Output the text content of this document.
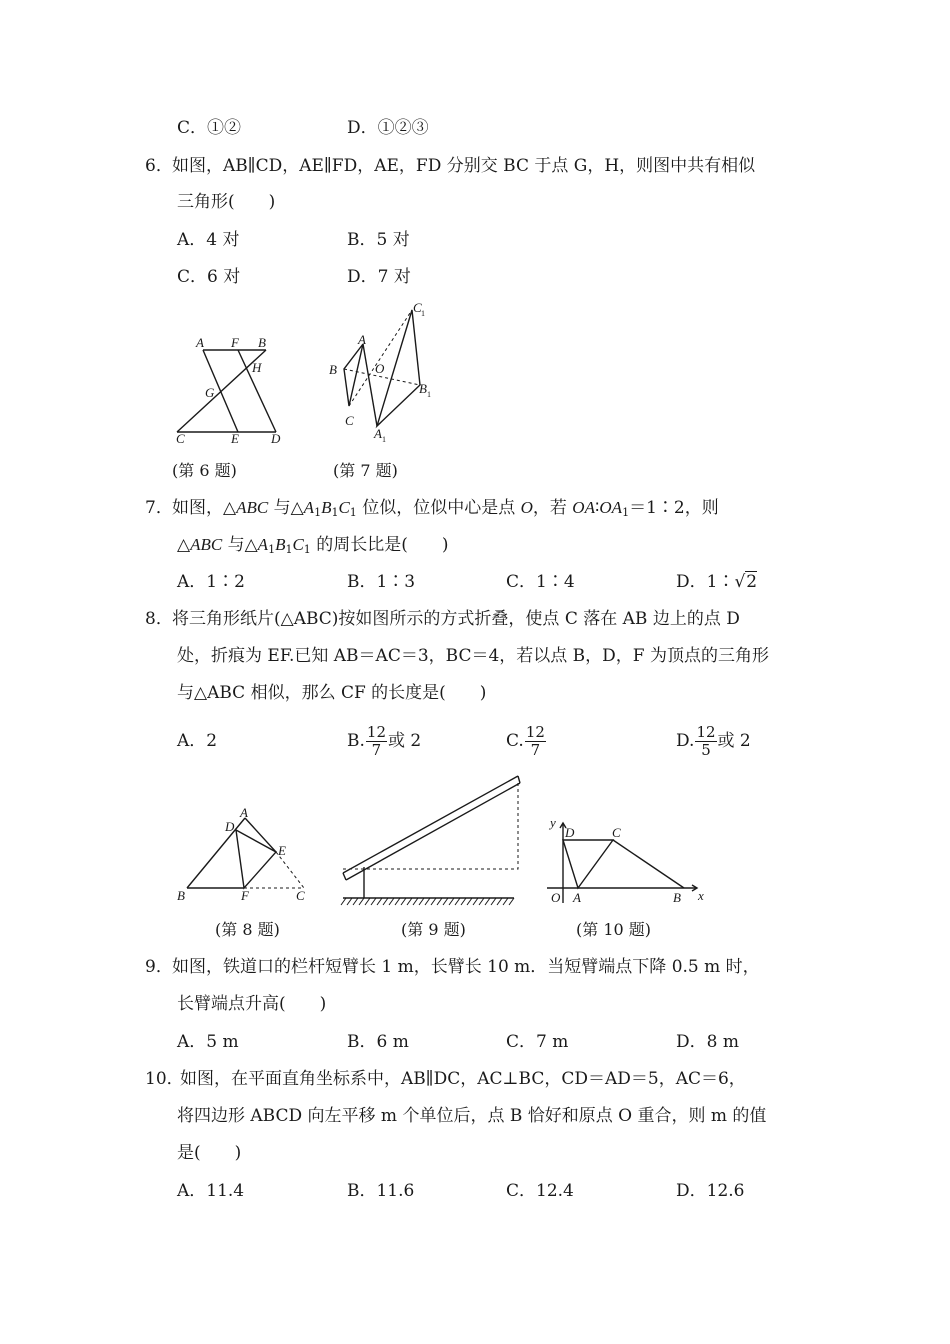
C．①②	D．①②③
6． 如图，AB∥CD，AE∥FD，AE，FD 分别交 BC 于点 G，H，则图中共有相似
三角形(　　)
A．4 对	B．5 对
C．6 对	D．7 对
A F B
H
G
C	E D
(第 6 题)
C 1
A
B	O
B 1
C
A 1
(第 7 题)
7． 如图，△ABC 与$\triangle A_1B_1C_1$ 位似，位似中心是点 O，若 $OA∶OA_1=1∶2$，则
△ABC 与$\triangle A_1B_1C_1$ 的周长比是(　　)
A．1∶2	B．1∶3	C．1∶4	D．1∶√2
8． 将三角形纸片(△ABC)按如图所示的方式折叠，使点 C 落在 AB 边上的点 D
处，折痕为 EF.已知 AB＝AC＝3，BC＝4，若以点 B，D，F 为顶点的三角形
与△ABC 相似，那么 CF 的长度是(　　)
A．2	B. $\frac{12}{7}$ 或 2	C. $\frac{12}{7}$	D. $\frac{12}{5}$ 或 2
A
D
E
B	F	C
(第 8 题)	(第 9 题)
y
D	C
O A	B x
(第 10 题)
9． 如图，铁道口的栏杆短臂长 1 m，长臂长 10 m．当短臂端点下降 0.5 m 时，
长臂端点升高(　　)
A．5 m	B．6 m	C．7 m	D．8 m
10．
如图，在平面直角坐标系中，AB∥DC，AC⊥BC，CD＝AD＝5，AC＝6，
将四边形 ABCD 向左平移 m 个单位后，点 B 恰好和原点 O 重合，则 m 的值
是(　　)
A．11.4	B．11.6	C．12.4	D．12.6
